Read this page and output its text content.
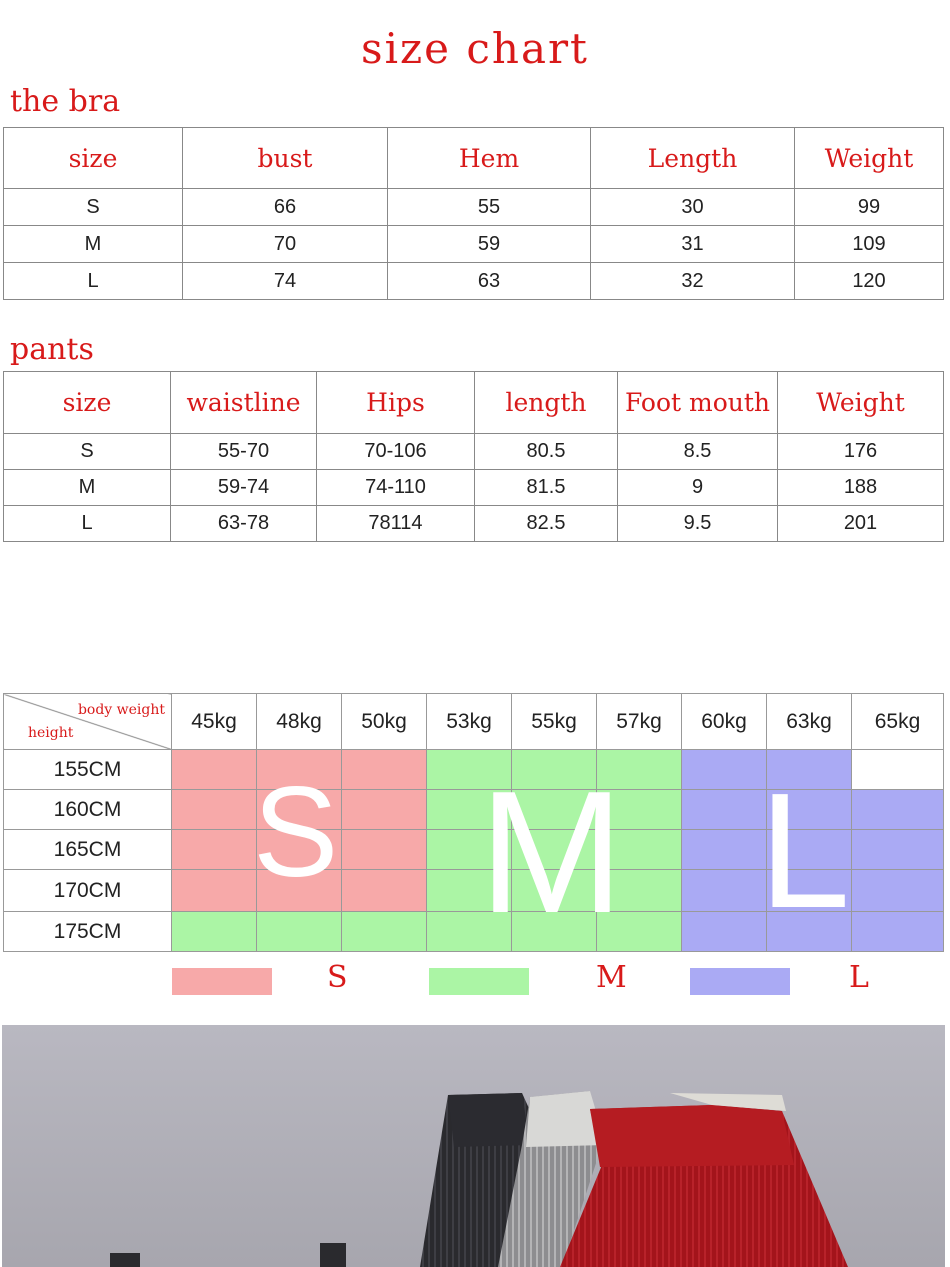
size chart
the bra
size	bust	Hem	Length	Weight
S	66	55	30	99
M	70	59	31	109
L	74	63	32	120
pants
size	waistline	Hips	length	Foot mouth	Weight
S	55-70	70-106	80.5	8.5	176
M	59-74	74-110	81.5	9	188
L	63-78	78114	82.5	9.5	201
body weight
height	45kg	48kg	50kg	53kg	55kg	57kg	60kg	63kg	65kg
155CM									
160CM									
165CM									
170CM									
175CM									
S M L
S	M	L
